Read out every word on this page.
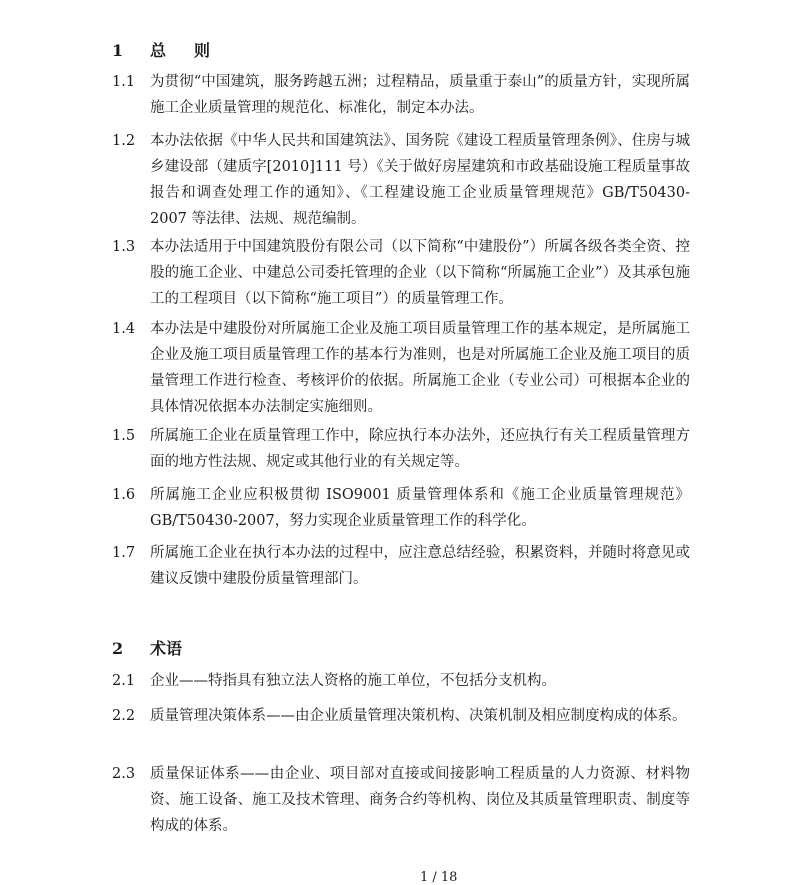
1 总则
1.1 为贯彻“中国建筑，服务跨越五洲；过程精品，质量重于泰山”的质量方针，实现所属施工企业质量管理的规范化、标准化，制定本办法。
1.2 本办法依据《中华人民共和国建筑法》、国务院《建设工程质量管理条例》、住房与城乡建设部（建质字[2010]111 号）《关于做好房屋建筑和市政基础设施工程质量事故报告和调查处理工作的通知》、《工程建设施工企业质量管理规范》GB/T50430-2007 等法律、法规、规范编制。
1.3 本办法适用于中国建筑股份有限公司（以下简称“中建股份”）所属各级各类全资、控股的施工企业、中建总公司委托管理的企业（以下简称“所属施工企业”）及其承包施工的工程项目（以下简称“施工项目”）的质量管理工作。
1.4 本办法是中建股份对所属施工企业及施工项目质量管理工作的基本规定，是所属施工企业及施工项目质量管理工作的基本行为准则，也是对所属施工企业及施工项目的质量管理工作进行检查、考核评价的依据。所属施工企业（专业公司）可根据本企业的具体情况依据本办法制定实施细则。
1.5 所属施工企业在质量管理工作中，除应执行本办法外，还应执行有关工程质量管理方面的地方性法规、规定或其他行业的有关规定等。
1.6 所属施工企业应积极贯彻 ISO9001 质量管理体系和《施工企业质量管理规范》GB/T50430-2007，努力实现企业质量管理工作的科学化。
1.7 所属施工企业在执行本办法的过程中，应注意总结经验，积累资料，并随时将意见或建议反馈中建股份质量管理部门。
2 术语
2.1 企业——特指具有独立法人资格的施工单位，不包括分支机构。
2.2 质量管理决策体系——由企业质量管理决策机构、决策机制及相应制度构成的体系。
2.3 质量保证体系——由企业、项目部对直接或间接影响工程质量的人力资源、材料物资、施工设备、施工及技术管理、商务合约等机构、岗位及其质量管理职责、制度等构成的体系。
1 / 18
